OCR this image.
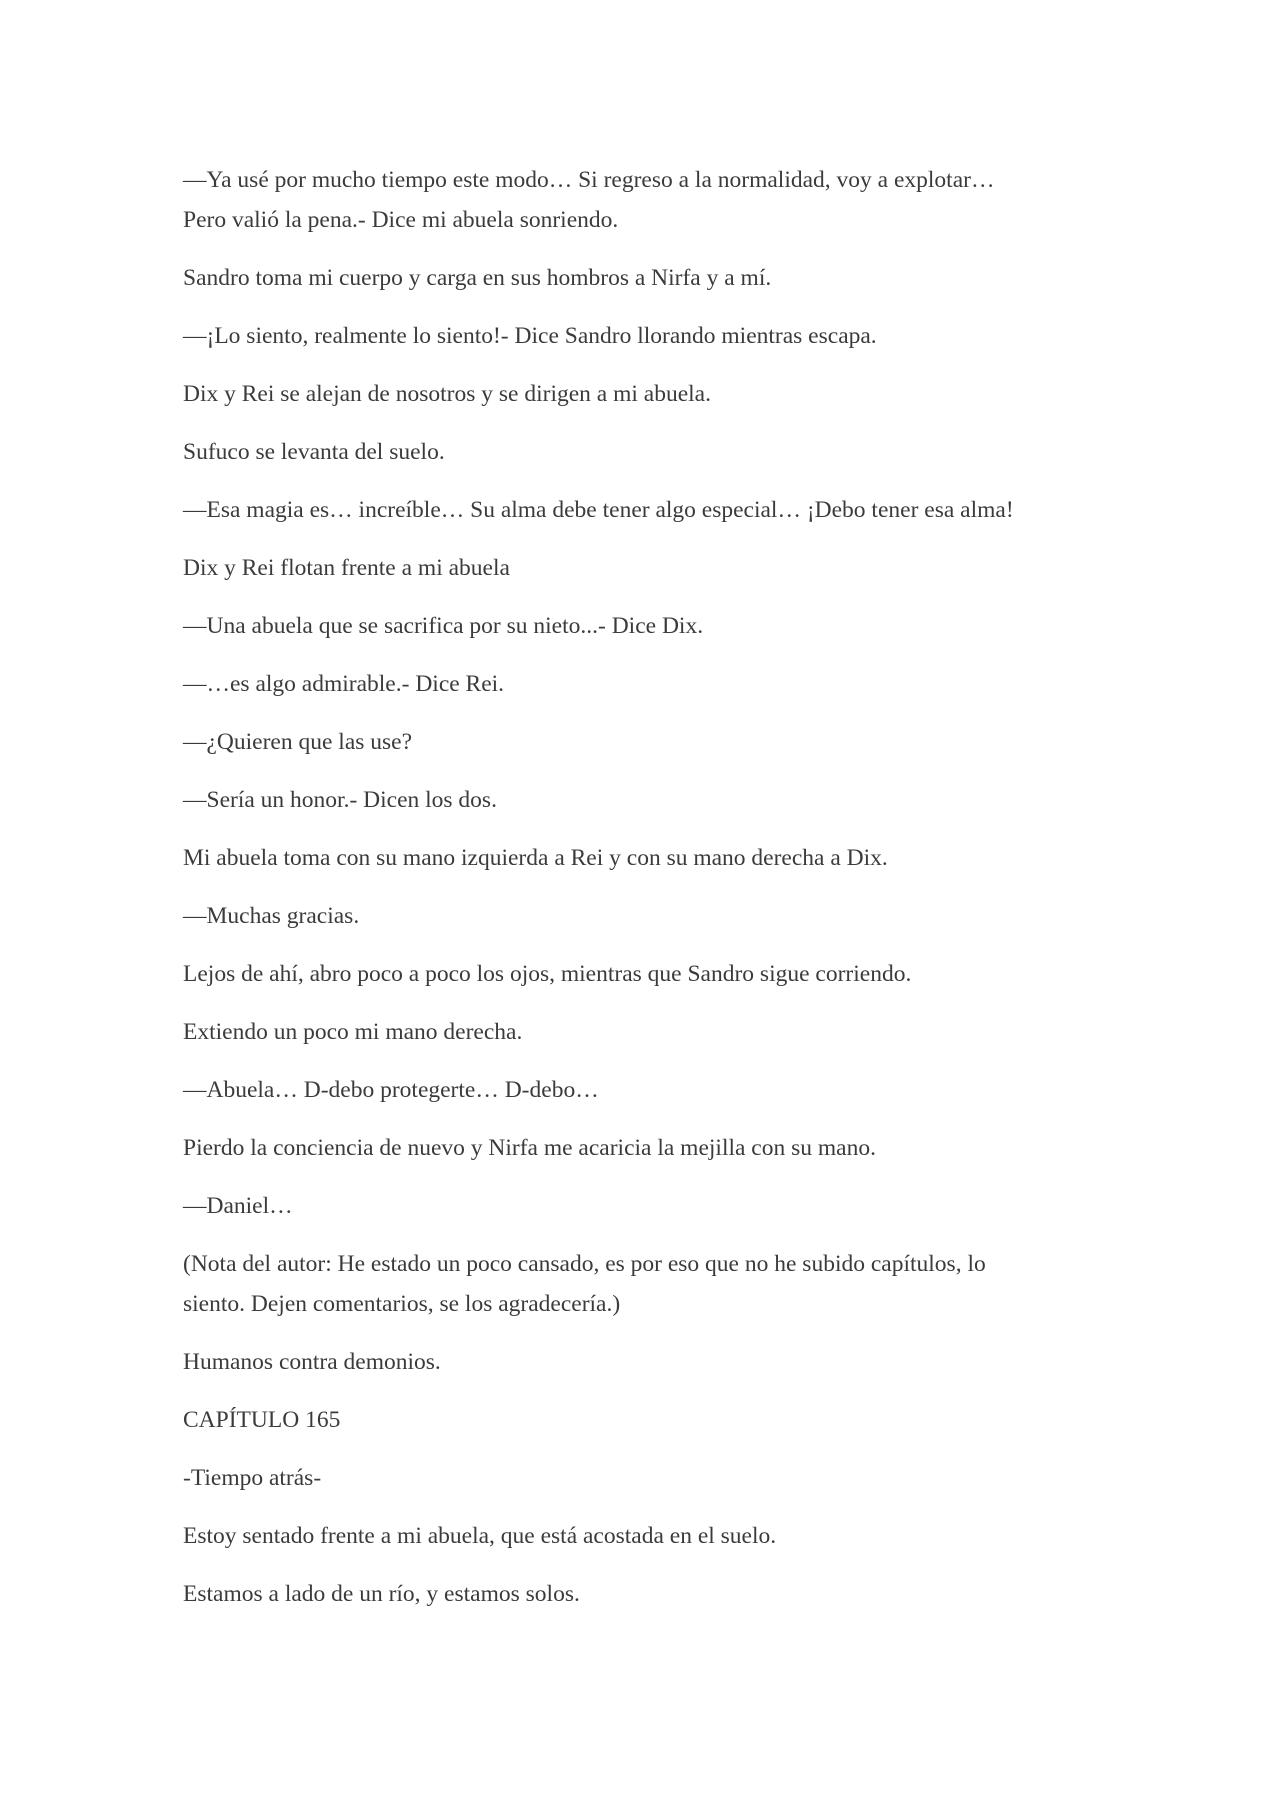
—Ya usé por mucho tiempo este modo… Si regreso a la normalidad, voy a explotar…
Pero valió la pena.- Dice mi abuela sonriendo.
Sandro toma mi cuerpo y carga en sus hombros a Nirfa y a mí.
—¡Lo siento, realmente lo siento!- Dice Sandro llorando mientras escapa.
Dix y Rei se alejan de nosotros y se dirigen a mi abuela.
Sufuco se levanta del suelo.
—Esa magia es… increíble… Su alma debe tener algo especial… ¡Debo tener esa alma!
Dix y Rei flotan frente a mi abuela
—Una abuela que se sacrifica por su nieto...- Dice Dix.
—…es algo admirable.- Dice Rei.
—¿Quieren que las use?
—Sería un honor.- Dicen los dos.
Mi abuela toma con su mano izquierda a Rei y con su mano derecha a Dix.
—Muchas gracias.
Lejos de ahí, abro poco a poco los ojos, mientras que Sandro sigue corriendo.
Extiendo un poco mi mano derecha.
—Abuela… D-debo protegerte… D-debo…
Pierdo la conciencia de nuevo y Nirfa me acaricia la mejilla con su mano.
—Daniel…
(Nota del autor: He estado un poco cansado, es por eso que no he subido capítulos, lo
siento. Dejen comentarios, se los agradecería.)
Humanos contra demonios.
CAPÍTULO 165
-Tiempo atrás-
Estoy sentado frente a mi abuela, que está acostada en el suelo.
Estamos a lado de un río, y estamos solos.
